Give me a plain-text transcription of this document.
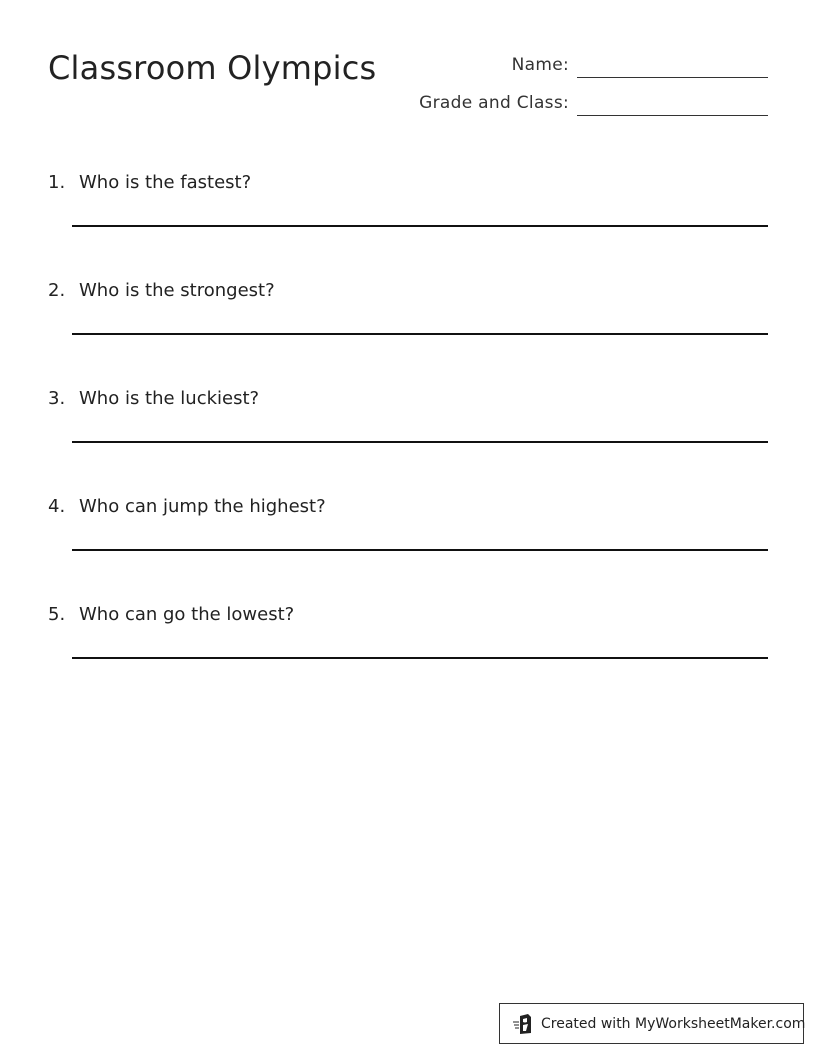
Classroom Olympics	Name:
Grade and Class:
1. Who is the fastest?
2. Who is the strongest?
3. Who is the luckiest?
4. Who can jump the highest?
5. Who can go the lowest?
Created with MyWorksheetMaker.com
